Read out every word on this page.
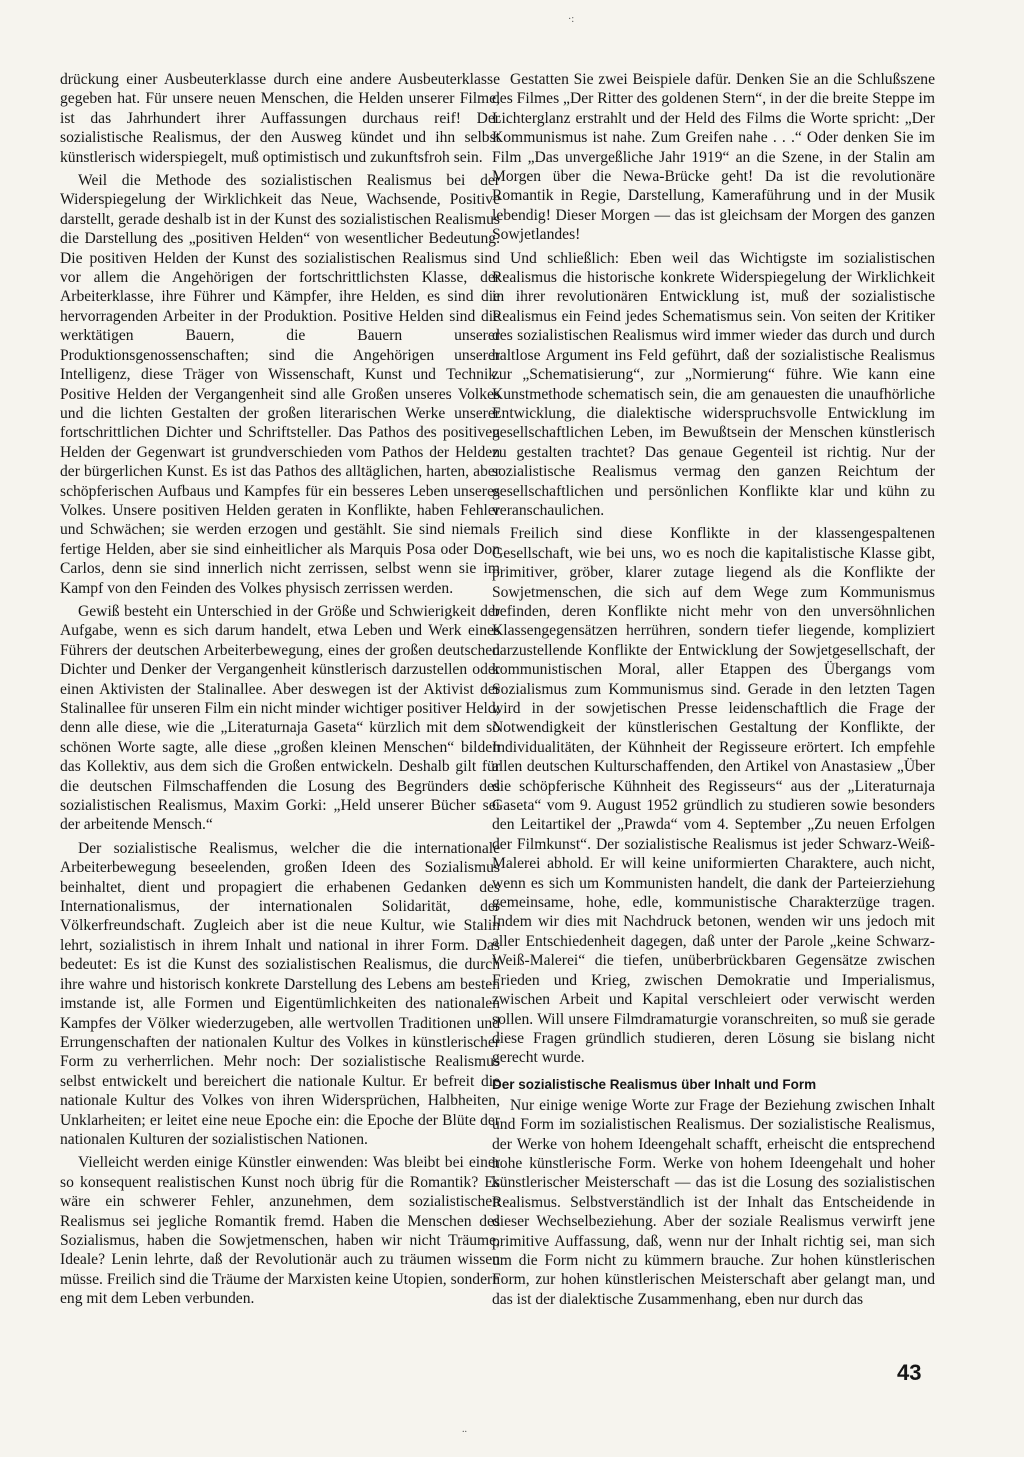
·:

drückung einer Ausbeuterklasse durch eine andere Ausbeuterklasse gegeben hat. Für unsere neuen Menschen, die Helden unserer Filme, ist das Jahrhundert ihrer Auffassungen durchaus reif! Der sozialistische Realismus, der den Ausweg kündet und ihn selbst künstlerisch widerspiegelt, muß optimistisch und zukunftsfroh sein.

Weil die Methode des sozialistischen Realismus bei der Widerspiegelung der Wirklichkeit das Neue, Wachsende, Positive darstellt, gerade deshalb ist in der Kunst des sozialistischen Realismus die Darstellung des „positiven Helden“ von wesentlicher Bedeutung. Die positiven Helden der Kunst des sozialistischen Realismus sind vor allem die Angehörigen der fortschrittlichsten Klasse, der Arbeiterklasse, ihre Führer und Kämpfer, ihre Helden, es sind die hervorragenden Arbeiter in der Produktion. Positive Helden sind die werktätigen Bauern, die Bauern unserer Produktionsgenossenschaften; sind die Angehörigen unserer Intelligenz, diese Träger von Wissenschaft, Kunst und Technik. Positive Helden der Vergangenheit sind alle Großen unseres Volkes und die lichten Gestalten der großen literarischen Werke unserer fortschrittlichen Dichter und Schriftsteller. Das Pathos des positiven Helden der Gegenwart ist grundverschieden vom Pathos der Helden der bürgerlichen Kunst. Es ist das Pathos des alltäglichen, harten, aber schöpferischen Aufbaus und Kampfes für ein besseres Leben unseres Volkes. Unsere positiven Helden geraten in Konflikte, haben Fehler und Schwächen; sie werden erzogen und gestählt. Sie sind niemals fertige Helden, aber sie sind einheitlicher als Marquis Posa oder Don Carlos, denn sie sind innerlich nicht zerrissen, selbst wenn sie im Kampf von den Feinden des Volkes physisch zerrissen werden.

Gewiß besteht ein Unterschied in der Größe und Schwierigkeit der Aufgabe, wenn es sich darum handelt, etwa Leben und Werk eines Führers der deutschen Arbeiterbewegung, eines der großen deutschen Dichter und Denker der Vergangenheit künstlerisch darzustellen oder einen Aktivisten der Stalinallee. Aber deswegen ist der Aktivist der Stalinallee für unseren Film ein nicht minder wichtiger positiver Held; denn alle diese, wie die „Literaturnaja Gaseta“ kürzlich mit dem so schönen Worte sagte, alle diese „großen kleinen Menschen“ bilden das Kollektiv, aus dem sich die Großen entwickeln. Deshalb gilt für die deutschen Filmschaffenden die Losung des Begründers des sozialistischen Realismus, Maxim Gorki: „Held unserer Bücher sei der arbeitende Mensch.“

Der sozialistische Realismus, welcher die die internationale Arbeiterbewegung beseelenden, großen Ideen des Sozialismus beinhaltet, dient und propagiert die erhabenen Gedanken des Internationalismus, der internationalen Solidarität, der Völkerfreundschaft. Zugleich aber ist die neue Kultur, wie Stalin lehrt, sozialistisch in ihrem Inhalt und national in ihrer Form. Das bedeutet: Es ist die Kunst des sozialistischen Realismus, die durch ihre wahre und historisch konkrete Darstellung des Lebens am besten imstande ist, alle Formen und Eigentümlichkeiten des nationalen Kampfes der Völker wiederzugeben, alle wertvollen Traditionen und Errungenschaften der nationalen Kultur des Volkes in künstlerischer Form zu verherrlichen. Mehr noch: Der sozialistische Realismus selbst entwickelt und bereichert die nationale Kultur. Er befreit die nationale Kultur des Volkes von ihren Widersprüchen, Halbheiten, Unklarheiten; er leitet eine neue Epoche ein: die Epoche der Blüte der nationalen Kulturen der sozialistischen Nationen.

Vielleicht werden einige Künstler einwenden: Was bleibt bei einer so konsequent realistischen Kunst noch übrig für die Romantik? Es wäre ein schwerer Fehler, anzunehmen, dem sozialistischen Realismus sei jegliche Romantik fremd. Haben die Menschen des Sozialismus, haben die Sowjetmenschen, haben wir nicht Träume, Ideale? Lenin lehrte, daß der Revolutionär auch zu träumen wissen müsse. Freilich sind die Träume der Marxisten keine Utopien, sondern eng mit dem Leben verbunden.

Gestatten Sie zwei Beispiele dafür. Denken Sie an die Schlußszene des Filmes „Der Ritter des goldenen Stern“, in der die breite Steppe im Lichterglanz erstrahlt und der Held des Films die Worte spricht: „Der Kommunismus ist nahe. Zum Greifen nahe . . .“ Oder denken Sie im Film „Das unvergeßliche Jahr 1919“ an die Szene, in der Stalin am Morgen über die Newa-Brücke geht! Da ist die revolutionäre Romantik in Regie, Darstellung, Kameraführung und in der Musik lebendig! Dieser Morgen — das ist gleichsam der Morgen des ganzen Sowjetlandes!

Und schließlich: Eben weil das Wichtigste im sozialistischen Realismus die historische konkrete Widerspiegelung der Wirklichkeit in ihrer revolutionären Entwicklung ist, muß der sozialistische Realismus ein Feind jedes Schematismus sein. Von seiten der Kritiker des sozialistischen Realismus wird immer wieder das durch und durch haltlose Argument ins Feld geführt, daß der sozialistische Realismus zur „Schematisierung“, zur „Normierung“ führe. Wie kann eine Kunstmethode schematisch sein, die am genauesten die unaufhörliche Entwicklung, die dialektische widerspruchsvolle Entwicklung im gesellschaftlichen Leben, im Bewußtsein der Menschen künstlerisch zu gestalten trachtet? Das genaue Gegenteil ist richtig. Nur der sozialistische Realismus vermag den ganzen Reichtum der gesellschaftlichen und persönlichen Konflikte klar und kühn zu veranschaulichen.

Freilich sind diese Konflikte in der klassengespaltenen Gesellschaft, wie bei uns, wo es noch die kapitalistische Klasse gibt, primitiver, gröber, klarer zutage liegend als die Konflikte der Sowjetmenschen, die sich auf dem Wege zum Kommunismus befinden, deren Konflikte nicht mehr von den unversöhnlichen Klassengegensätzen herrühren, sondern tiefer liegende, kompliziert darzustellende Konflikte der Entwicklung der Sowjetgesellschaft, der kommunistischen Moral, aller Etappen des Übergangs vom Sozialismus zum Kommunismus sind. Gerade in den letzten Tagen wird in der sowjetischen Presse leidenschaftlich die Frage der Notwendigkeit der künstlerischen Gestaltung der Konflikte, der Individualitäten, der Kühnheit der Regisseure erörtert. Ich empfehle allen deutschen Kulturschaffenden, den Artikel von Anastasiew „Über die schöpferische Kühnheit des Regisseurs“ aus der „Literaturnaja Gaseta“ vom 9. August 1952 gründlich zu studieren sowie besonders den Leitartikel der „Prawda“ vom 4. September „Zu neuen Erfolgen der Filmkunst“. Der sozialistische Realismus ist jeder Schwarz-Weiß-Malerei abhold. Er will keine uniformierten Charaktere, auch nicht, wenn es sich um Kommunisten handelt, die dank der Parteierziehung gemeinsame, hohe, edle, kommunistische Charakterzüge tragen. Indem wir dies mit Nachdruck betonen, wenden wir uns jedoch mit aller Entschiedenheit dagegen, daß unter der Parole „keine Schwarz-Weiß-Malerei“ die tiefen, unüberbrückbaren Gegensätze zwischen Frieden und Krieg, zwischen Demokratie und Imperialismus, zwischen Arbeit und Kapital verschleiert oder verwischt werden sollen. Will unsere Filmdramaturgie voranschreiten, so muß sie gerade diese Fragen gründlich studieren, deren Lösung sie bislang nicht gerecht wurde.

Der sozialistische Realismus über Inhalt und Form

Nur einige wenige Worte zur Frage der Beziehung zwischen Inhalt und Form im sozialistischen Realismus. Der sozialistische Realismus, der Werke von hohem Ideengehalt schafft, erheischt die entsprechend hohe künstlerische Form. Werke von hohem Ideengehalt und hoher künstlerischer Meisterschaft — das ist die Losung des sozialistischen Realismus. Selbstverständlich ist der Inhalt das Entscheidende in dieser Wechselbeziehung. Aber der soziale Realismus verwirft jene primitive Auffassung, daß, wenn nur der Inhalt richtig sei, man sich um die Form nicht zu kümmern brauche. Zur hohen künstlerischen Form, zur hohen künstlerischen Meisterschaft aber gelangt man, und das ist der dialektische Zusammenhang, eben nur durch das

43
..
